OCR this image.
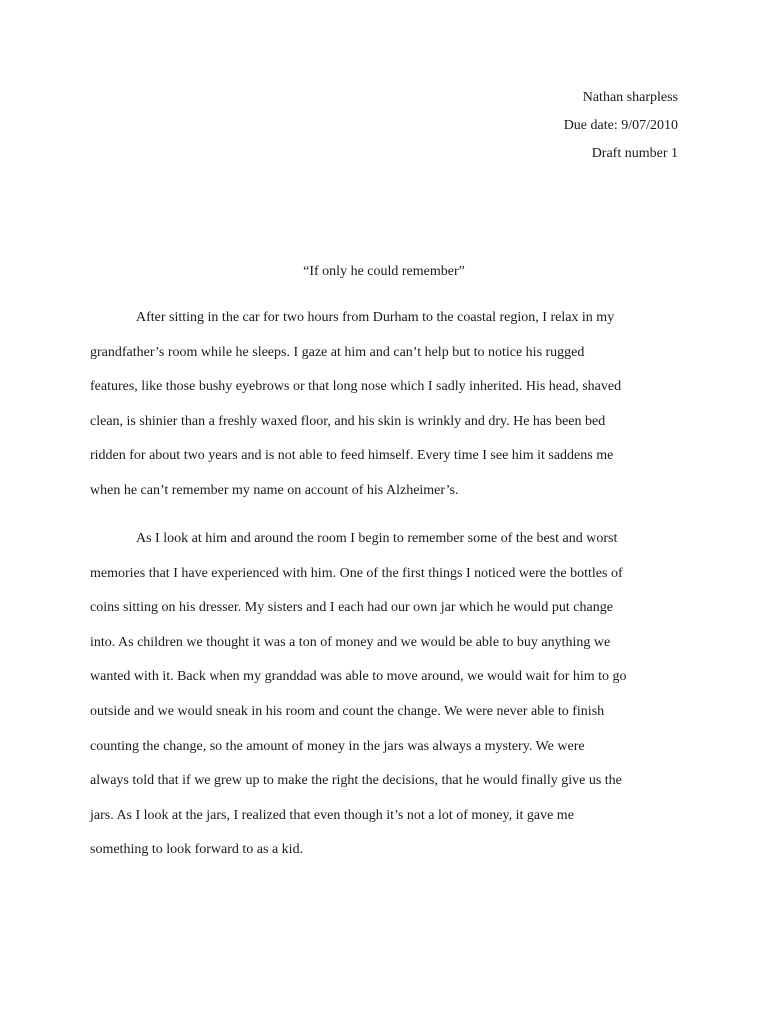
Nathan sharpless
Due date: 9/07/2010
Draft number 1
“If only he could remember”
After sitting in the car for two hours from Durham to the coastal region, I relax in my
grandfather’s room while he sleeps. I gaze at him and can’t help but to notice his rugged
features, like those bushy eyebrows or that long nose which I sadly inherited. His head, shaved
clean, is shinier than a freshly waxed floor, and his skin is wrinkly and dry. He has been bed
ridden for about two years and is not able to feed himself. Every time I see him it saddens me
when he can’t remember my name on account of his Alzheimer’s.
As I look at him and around the room I begin to remember some of the best and worst
memories that I have experienced with him. One of the first things I noticed were the bottles of
coins sitting on his dresser. My sisters and I each had our own jar which he would put change
into. As children we thought it was a ton of money and we would be able to buy anything we
wanted with it. Back when my granddad was able to move around, we would wait for him to go
outside and we would sneak in his room and count the change. We were never able to finish
counting the change, so the amount of money in the jars was always a mystery. We were
always told that if we grew up to make the right the decisions, that he would finally give us the
jars. As I look at the jars, I realized that even though it’s not a lot of money, it gave me
something to look forward to as a kid.
